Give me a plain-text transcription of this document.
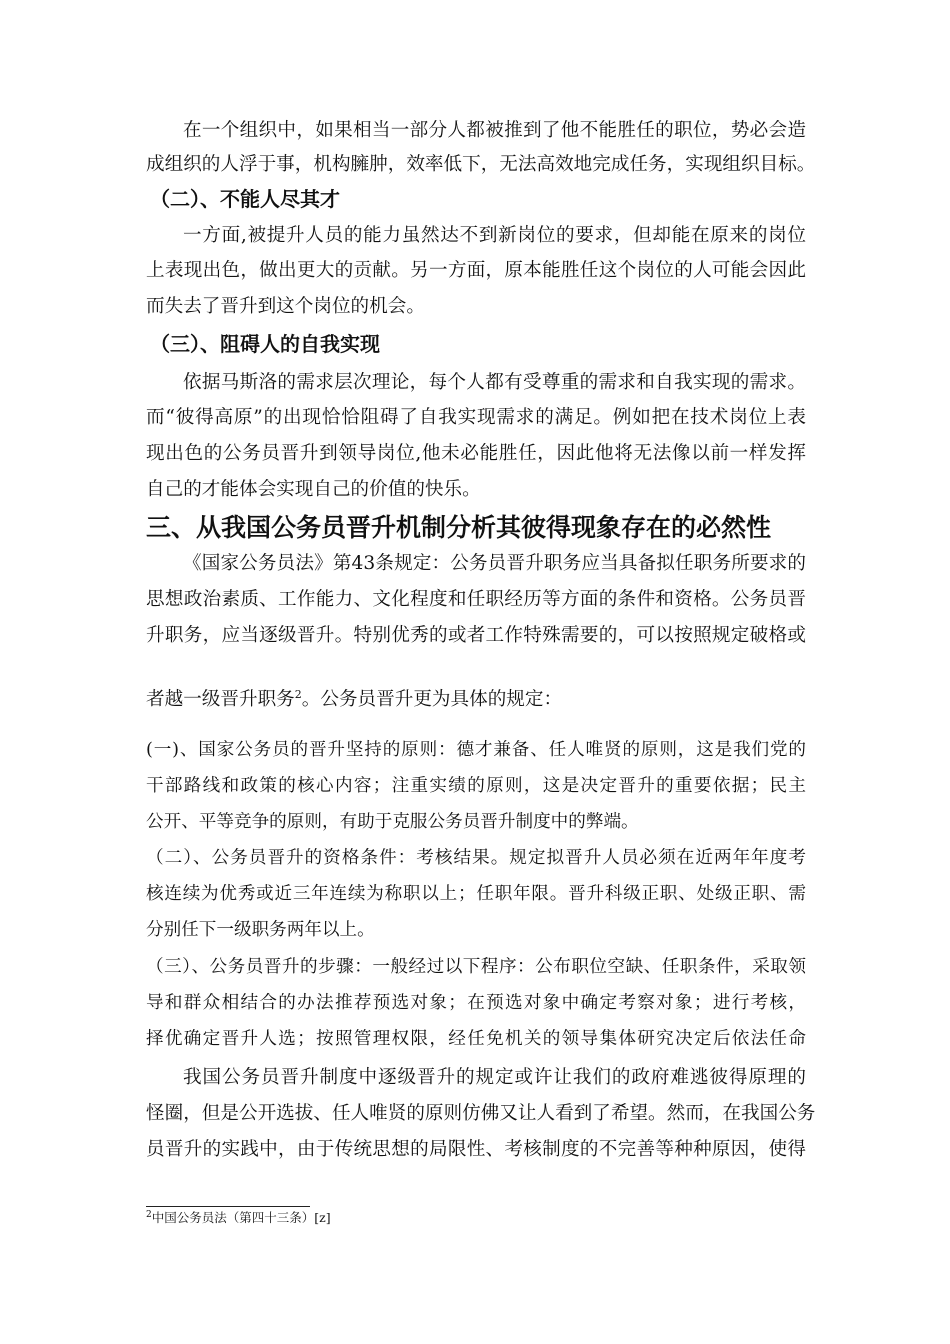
在一个组织中，如果相当一部分人都被推到了他不能胜任的职位，势必会造
成组织的人浮于事，机构臃肿，效率低下，无法高效地完成任务，实现组织目标。
（二）、不能人尽其才
一方面,被提升人员的能力虽然达不到新岗位的要求，但却能在原来的岗位
上表现出色，做出更大的贡献。另一方面，原本能胜任这个岗位的人可能会因此
而失去了晋升到这个岗位的机会。
（三）、阻碍人的自我实现
依据马斯洛的需求层次理论，每个人都有受尊重的需求和自我实现的需求。
而“彼得高原”的出现恰恰阻碍了自我实现需求的满足。例如把在技术岗位上表
现出色的公务员晋升到领导岗位,他未必能胜任，因此他将无法像以前一样发挥
自己的才能体会实现自己的价值的快乐。
三、从我国公务员晋升机制分析其彼得现象存在的必然性
《国家公务员法》第43条规定：公务员晋升职务应当具备拟任职务所要求的
思想政治素质、工作能力、文化程度和任职经历等方面的条件和资格。公务员晋
升职务，应当逐级晋升。特别优秀的或者工作特殊需要的，可以按照规定破格或
者越一级晋升职务$^2$。公务员晋升更为具体的规定：
(一)、国家公务员的晋升坚持的原则：德才兼备、任人唯贤的原则，这是我们党的
干部路线和政策的核心内容；注重实绩的原则，这是决定晋升的重要依据；民主
公开、平等竞争的原则，有助于克服公务员晋升制度中的弊端。
（二）、公务员晋升的资格条件：考核结果。规定拟晋升人员必须在近两年年度考
核连续为优秀或近三年连续为称职以上；任职年限。晋升科级正职、处级正职、需
分别任下一级职务两年以上。
（三）、公务员晋升的步骤：一般经过以下程序：公布职位空缺、任职条件，采取领
导和群众相结合的办法推荐预选对象；在预选对象中确定考察对象；进行考核，
择优确定晋升人选；按照管理权限，经任免机关的领导集体研究决定后依法任命
我国公务员晋升制度中逐级晋升的规定或许让我们的政府难逃彼得原理的
怪圈，但是公开选拔、任人唯贤的原则仿佛又让人看到了希望。然而，在我国公务
员晋升的实践中，由于传统思想的局限性、考核制度的不完善等种种原因，使得
$^2$中国公务员法（第四十三条）[z]
